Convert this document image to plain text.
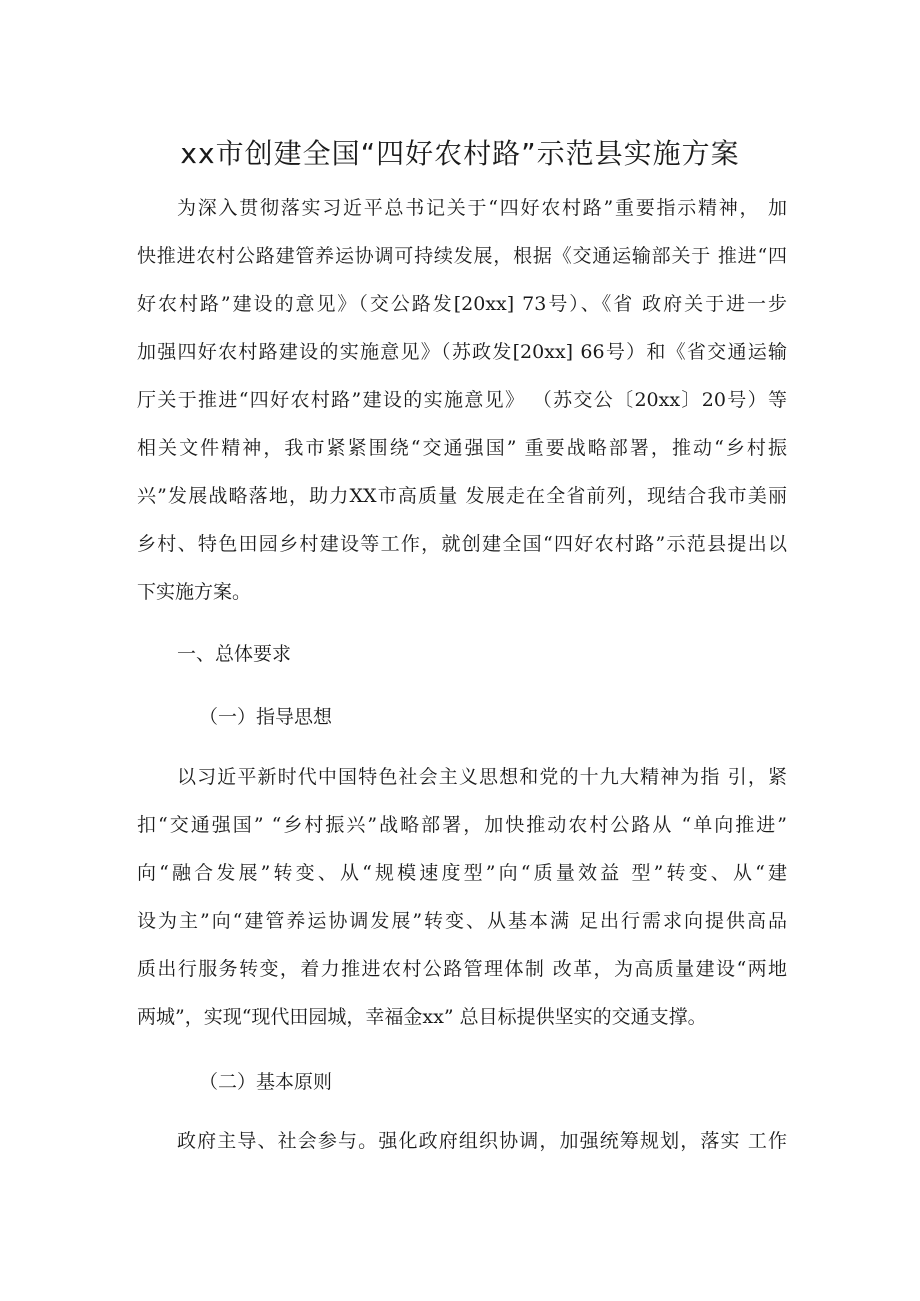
xx市创建全国“四好农村路”示范县实施方案

为深入贯彻落实习近平总书记关于“四好农村路”重要指示精神， 加

快推进农村公路建管养运协调可持续发展，根据《交通运输部关于 推进“四

好农村路”建设的意见》（交公路发[20xx] 73号）、《省 政府关于进一步

加强四好农村路建设的实施意见》（苏政发[20xx] 66号）和《省交通运输

厅关于推进“四好农村路”建设的实施意见》 （苏交公〔20xx〕20号）等

相关文件精神，我市紧紧围绕“交通强国” 重要战略部署，推动“乡村振

兴”发展战略落地，助力XX市高质量 发展走在全省前列，现结合我市美丽

乡村、特色田园乡村建设等工作，就创建全国“四好农村路”示范县提出以

下实施方案。

一、总体要求

（一）指导思想

以习近平新时代中国特色社会主义思想和党的十九大精神为指 引，紧

扣“交通强国” “乡村振兴”战略部署，加快推动农村公路从 “单向推进”

向“融合发展”转变、从“规模速度型”向“质量效益 型”转变、从“建

设为主”向“建管养运协调发展”转变、从基本满 足出行需求向提供高品

质出行服务转变，着力推进农村公路管理体制 改革，为高质量建设“两地

两城”，实现“现代田园城，幸福金xx” 总目标提供坚实的交通支撑。

（二）基本原则

政府主导、社会参与。强化政府组织协调，加强统筹规划，落实 工作
